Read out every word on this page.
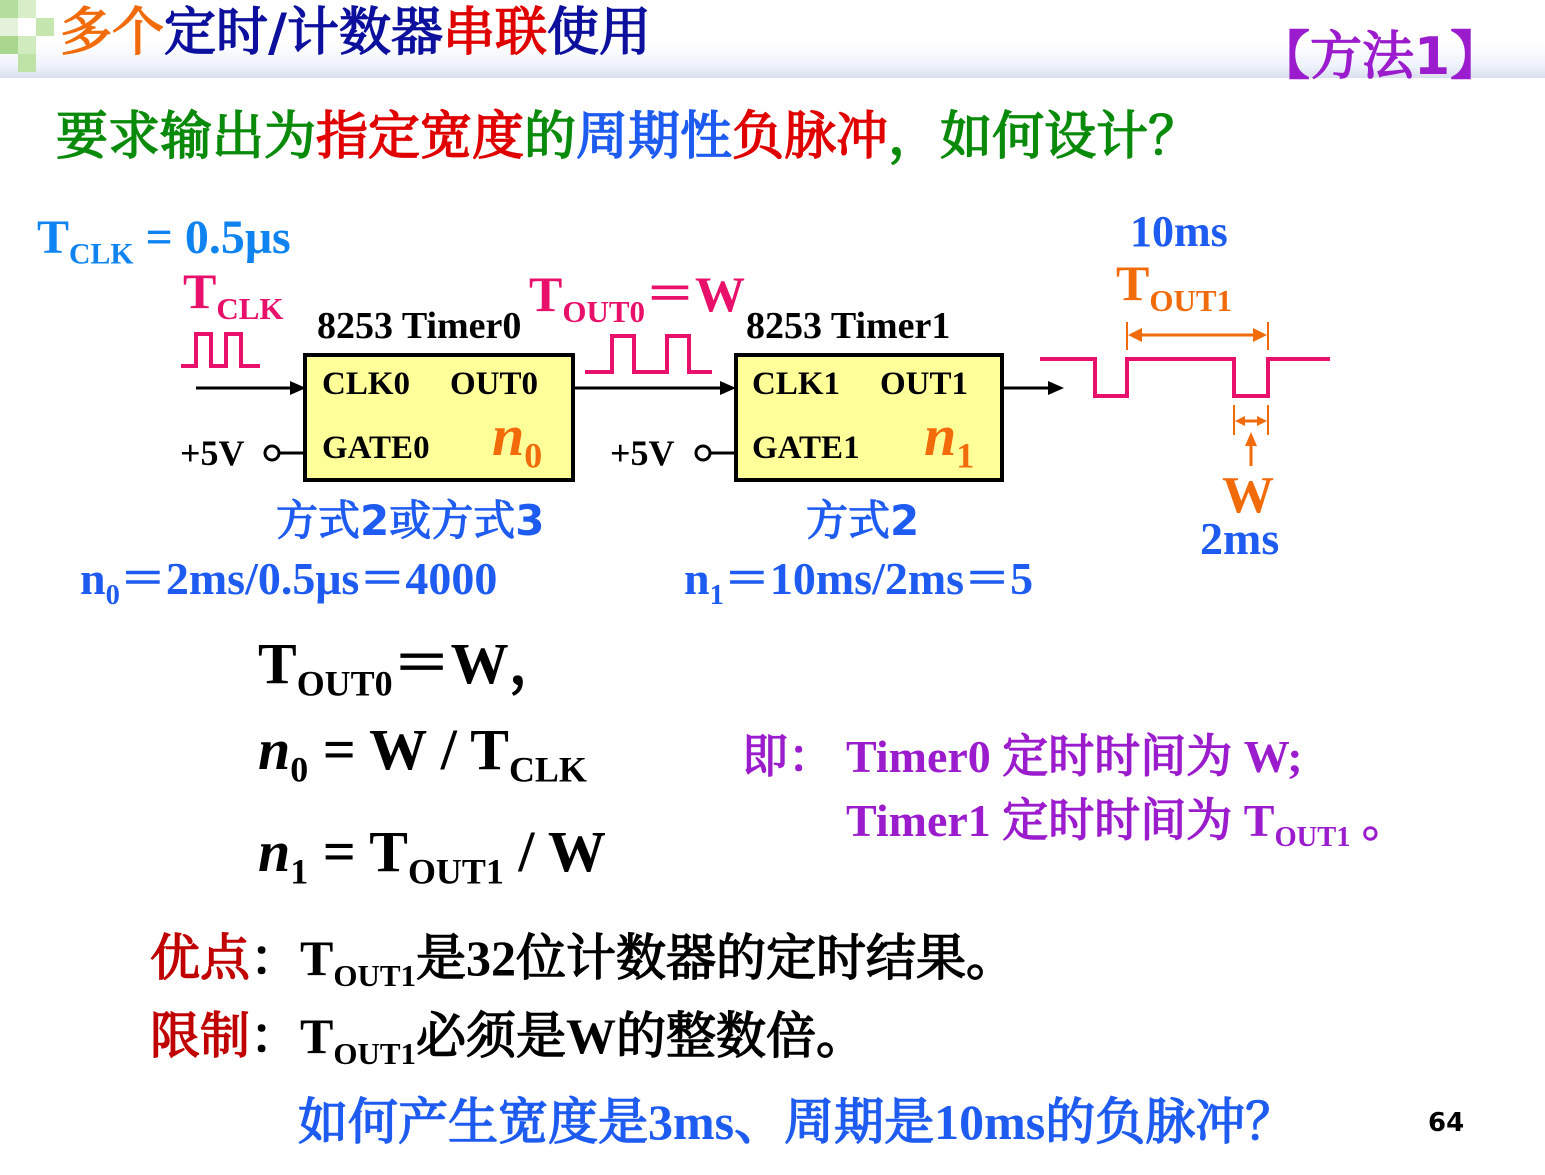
多个定时/计数器串联使用	【方法1】
要求输出为指定宽度的周期性负脉冲，如何设计？
$T_{CLK} = 0.5\mu s$
$T_{CLK}$	$T_{OUT0}=W$
10ms
$T_{OUT1}$
W
2ms
8253 Timer0
CLK0 OUT0
GATE0 $n_0$
+5V
方式2或方式3
$n_0=2ms/0.5\mu s=4000$
8253 Timer1
CLK1 OUT1
GATE1 $n_1$
+5V
方式2
$n_1=10ms/2ms=5$
$T_{OUT0}=W$，
$n_0 = W / T_{CLK}$
$n_1 = T_{OUT1} / W$
即： Timer0 定时时间为 W;
Timer1 定时时间为 $T_{OUT1}$ 。
优点：$T_{OUT1}$是32位计数器的定时结果。
限制：$T_{OUT1}$必须是W的整数倍。
如何产生宽度是3ms、周期是10ms的负脉冲？	64
